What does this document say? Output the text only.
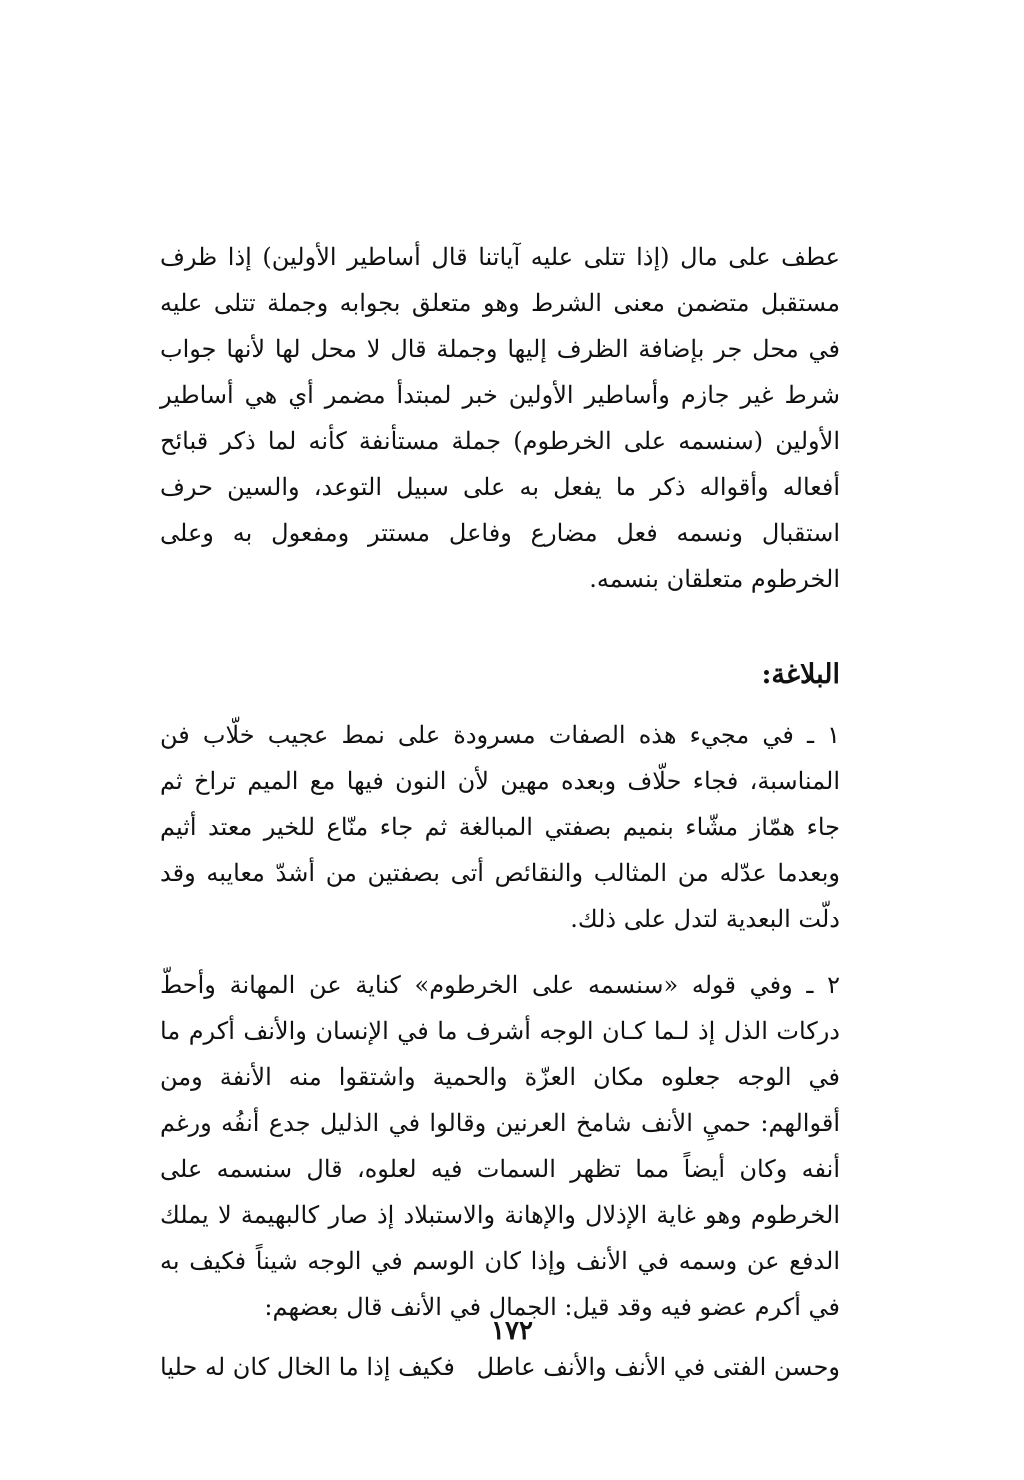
عطف على مال (إذا تتلى عليه آياتنا قال أساطير الأولين) إذا ظرف مستقبل متضمن معنى الشرط وهو متعلق بجوابه وجملة تتلى عليه في محل جر بإضافة الظرف إليها وجملة قال لا محل لها لأنها جواب شرط غير جازم وأساطير الأولين خبر لمبتدأ مضمر أي هي أساطير الأولين (سنسمه على الخرطوم) جملة مستأنفة كأنه لما ذكر قبائح أفعاله وأقواله ذكر ما يفعل به على سبيل التوعد، والسين حرف استقبال ونسمه فعل مضارع وفاعل مستتر ومفعول به وعلى الخرطوم متعلقان بنسمه.

البلاغة:

١ ـ في مجيء هذه الصفات مسرودة على نمط عجيب خلّاب فن المناسبة، فجاء حلّاف وبعده مهين لأن النون فيها مع الميم تراخ ثم جاء همّاز مشّاء بنميم بصفتي المبالغة ثم جاء منّاع للخير معتد أثيم وبعدما عدّله من المثالب والنقائص أتى بصفتين من أشدّ معايبه وقد دلّت البعدية لتدل على ذلك.

٢ ـ وفي قوله «سنسمه على الخرطوم» كناية عن المهانة وأحطّ دركات الذل إذ لـما كـان الوجه أشرف ما في الإنسان والأنف أكرم ما في الوجه جعلوه مكان العزّة والحمية واشتقوا منه الأنفة ومن أقوالهم: حميِ الأنف شامخ العرنين وقالوا في الذليل جدع أنفُه ورغم أنفه وكان أيضاً مما تظهر السمات فيه لعلوه، قال سنسمه على الخرطوم وهو غاية الإذلال والإهانة والاستبلاد إذ صار كالبهيمة لا يملك الدفع عن وسمه في الأنف وإذا كان الوسم في الوجه شيناً فكيف به في أكرم عضو فيه وقد قيل: الجمال في الأنف قال بعضهم:

وحسن الفتى في الأنف والأنف عاطل
فكيف إذا ما الخال كان له حليا
١٧٢
